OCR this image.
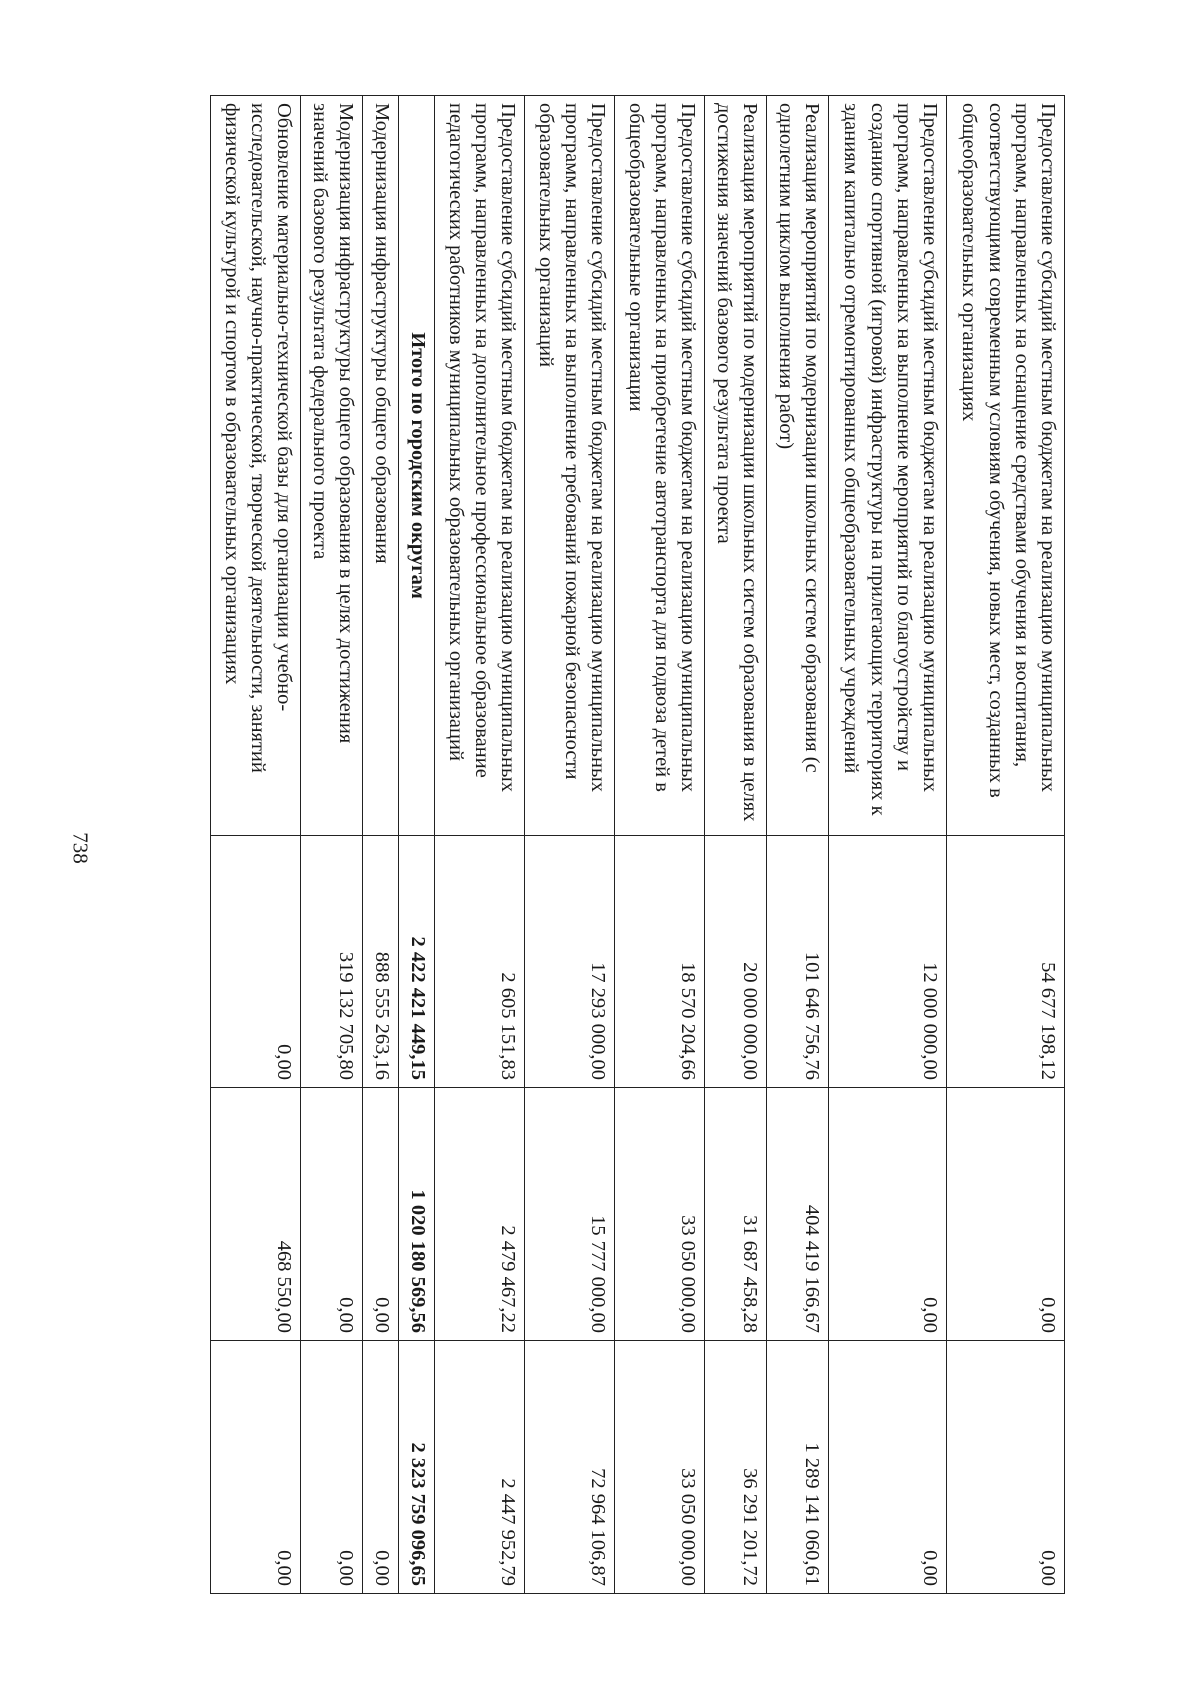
738
Предоставление субсидий местным бюджетам на реализацию муниципальных программ, направленных на оснащение средствами обучения и воспитания, соответствующими современным условиям обучения, новых мест, созданных в общеобразовательных организациях	54 677 198,12	0,00	0,00
Предоставление субсидий местным бюджетам на реализацию муниципальных программ, направленных на выполнение мероприятий по благоустройству и созданию спортивной (игровой) инфраструктуры на прилегающих территориях к зданиям капитально отремонтированных общеобразовательных учреждений	12 000 000,00	0,00	0,00
Реализация мероприятий по модернизации школьных систем образования (с однолетним циклом выполнения работ)	101 646 756,76	404 419 166,67	1 289 141 060,61
Реализация мероприятий по модернизации школьных систем образования в целях достижения значений базового результата проекта	20 000 000,00	31 687 458,28	36 291 201,72
Предоставление субсидий местным бюджетам на реализацию муниципальных программ, направленных на приобретение автотранспорта для подвоза детей в общеобразовательные организации	18 570 204,66	33 050 000,00	33 050 000,00
Предоставление субсидий местным бюджетам на реализацию муниципальных программ, направленных на выполнение требований пожарной безопасности образовательных организаций	17 293 000,00	15 777 000,00	72 964 106,87
Предоставление субсидий местным бюджетам на реализацию муниципальных программ, направленных на дополнительное профессиональное образование педагогических работников муниципальных образовательных организаций	2 605 151,83	2 479 467,22	2 447 952,79
Итого по городским округам	2 422 421 449,15	1 020 180 569,56	2 323 759 096,65
Модернизация инфраструктуры общего образования	888 555 263,16	0,00	0,00
Модернизация инфраструктуры общего образования в целях достижения значений базового результата федерального проекта	319 132 705,80	0,00	0,00
Обновление материально-технической базы для организации учебно-исследовательской, научно-практической, творческой деятельности, занятий физической культурой и спортом в образовательных организациях	0,00	468 550,00	0,00
